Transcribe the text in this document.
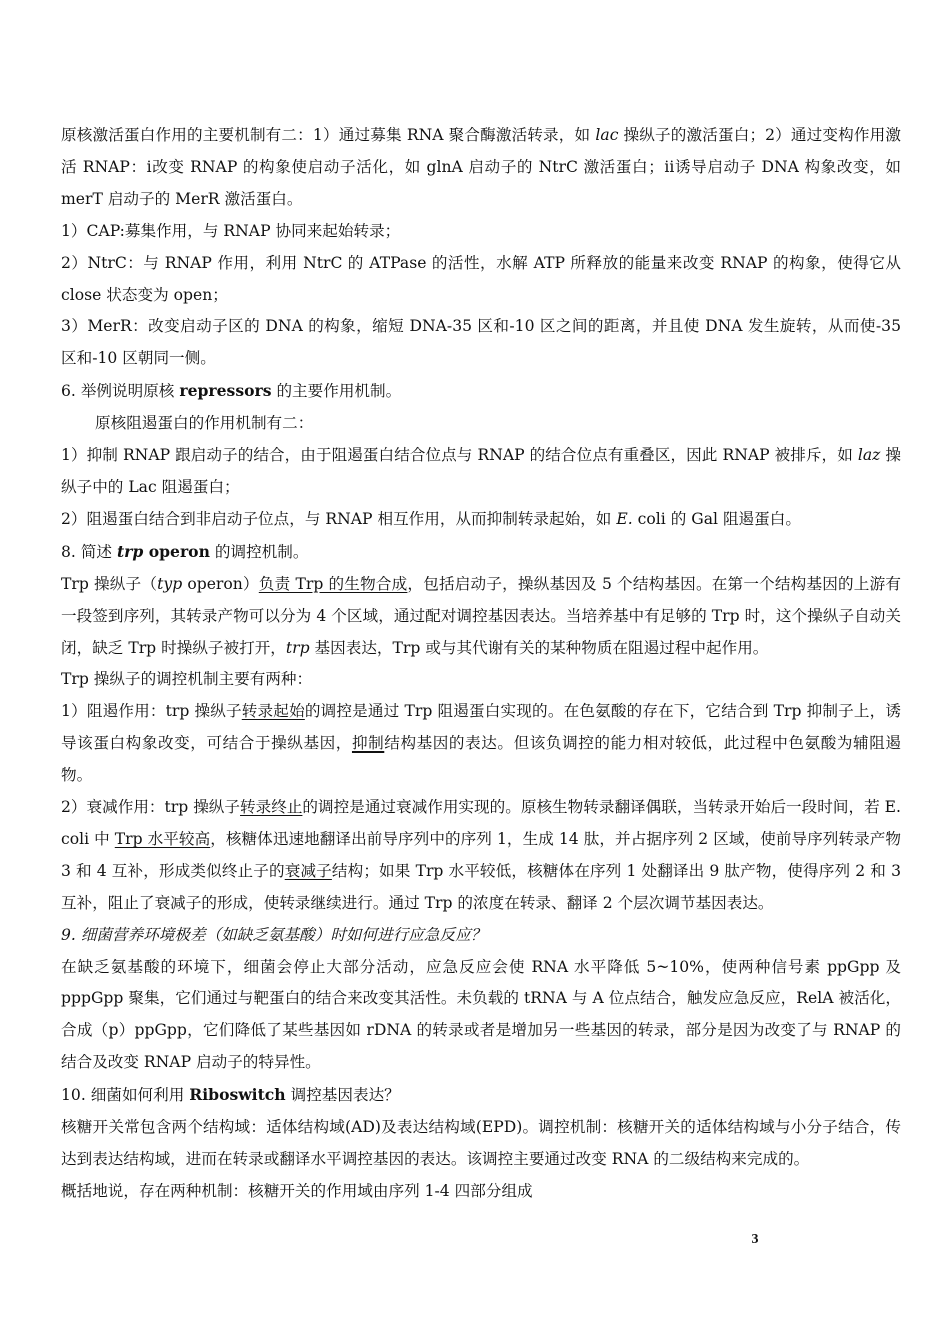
原核激活蛋白作用的主要机制有二：1）通过募集 RNA 聚合酶激活转录，如 lac 操纵子的激活蛋白；2）通过变构作用激活 RNAP：ⅰ改变 RNAP 的构象使启动子活化，如 glnA 启动子的 NtrC 激活蛋白；ⅱ诱导启动子 DNA 构象改变，如 merT 启动子的 MerR 激活蛋白。

1）CAP:募集作用，与 RNAP 协同来起始转录；

2）NtrC：与 RNAP 作用，利用 NtrC 的 ATPase 的活性，水解 ATP 所释放的能量来改变 RNAP 的构象，使得它从 close 状态变为 open；

3）MerR：改变启动子区的 DNA 的构象，缩短 DNA-35 区和-10 区之间的距离，并且使 DNA 发生旋转，从而使-35 区和-10 区朝同一侧。

6. 举例说明原核 repressors 的主要作用机制。

原核阻遏蛋白的作用机制有二：

1）抑制 RNAP 跟启动子的结合，由于阻遏蛋白结合位点与 RNAP 的结合位点有重叠区，因此 RNAP 被排斥，如 laz 操纵子中的 Lac 阻遏蛋白；

2）阻遏蛋白结合到非启动子位点，与 RNAP 相互作用，从而抑制转录起始，如 E. coli 的 Gal 阻遏蛋白。

8. 简述 trp operon 的调控机制。

Trp 操纵子（typ operon）负责 Trp 的生物合成，包括启动子，操纵基因及 5 个结构基因。在第一个结构基因的上游有一段签到序列，其转录产物可以分为 4 个区域，通过配对调控基因表达。当培养基中有足够的 Trp 时，这个操纵子自动关闭，缺乏 Trp 时操纵子被打开，trp 基因表达，Trp 或与其代谢有关的某种物质在阻遏过程中起作用。

Trp 操纵子的调控机制主要有两种：

1）阻遏作用：trp 操纵子转录起始的调控是通过 Trp 阻遏蛋白实现的。在色氨酸的存在下，它结合到 Trp 抑制子上，诱导该蛋白构象改变，可结合于操纵基因，抑制结构基因的表达。但该负调控的能力相对较低，此过程中色氨酸为辅阻遏物。

2）衰减作用：trp 操纵子转录终止的调控是通过衰减作用实现的。原核生物转录翻译偶联，当转录开始后一段时间，若 E. coli 中 Trp 水平较高，核糖体迅速地翻译出前导序列中的序列 1，生成 14 肽，并占据序列 2 区域，使前导序列转录产物 3 和 4 互补，形成类似终止子的衰减子结构；如果 Trp 水平较低，核糖体在序列 1 处翻译出 9 肽产物，使得序列 2 和 3 互补，阻止了衰减子的形成，使转录继续进行。通过 Trp 的浓度在转录、翻译 2 个层次调节基因表达。

9. 细菌营养环境极差（如缺乏氨基酸）时如何进行应急反应？

在缺乏氨基酸的环境下，细菌会停止大部分活动，应急反应会使 RNA 水平降低 5~10%，使两种信号素 ppGpp 及 pppGpp 聚集，它们通过与靶蛋白的结合来改变其活性。未负载的 tRNA 与 A 位点结合，触发应急反应，RelA 被活化，合成（p）ppGpp，它们降低了某些基因如 rDNA 的转录或者是增加另一些基因的转录，部分是因为改变了与 RNAP 的结合及改变 RNAP 启动子的特异性。

10. 细菌如何利用 Riboswitch 调控基因表达？

核糖开关常包含两个结构域：适体结构域(AD)及表达结构域(EPD)。调控机制：核糖开关的适体结构域与小分子结合，传达到表达结构域，进而在转录或翻译水平调控基因的表达。该调控主要通过改变 RNA 的二级结构来完成的。

概括地说，存在两种机制：核糖开关的作用域由序列 1-4 四部分组成

3
